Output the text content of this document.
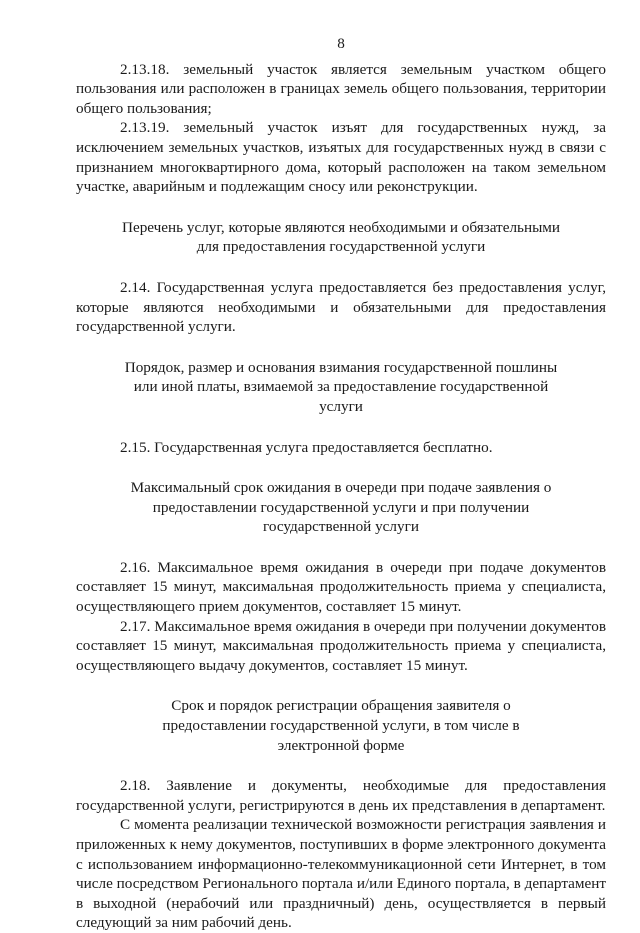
8

2.13.18. земельный участок является земельным участком общего пользования или расположен в границах земель общего пользования, территории общего пользования;

2.13.19. земельный участок изъят для государственных нужд, за исключением земельных участков, изъятых для государственных нужд в связи с признанием многоквартирного дома, который расположен на таком земельном участке, аварийным и подлежащим сносу или реконструкции.

Перечень услуг, которые являются необходимыми и обязательными для предоставления государственной услуги

2.14. Государственная услуга предоставляется без предоставления услуг, которые являются необходимыми и обязательными для предоставления государственной услуги.

Порядок, размер и основания взимания государственной пошлины или иной платы, взимаемой за предоставление государственной услуги

2.15. Государственная услуга предоставляется бесплатно.

Максимальный срок ожидания в очереди при подаче заявления о предоставлении государственной услуги и при получении государственной услуги

2.16. Максимальное время ожидания в очереди при подаче документов составляет 15 минут, максимальная продолжительность приема у специалиста, осуществляющего прием документов, составляет 15 минут.

2.17. Максимальное время ожидания в очереди при получении документов составляет 15 минут, максимальная продолжительность приема у специалиста, осуществляющего выдачу документов, составляет 15 минут.

Срок и порядок регистрации обращения заявителя о предоставлении государственной услуги, в том числе в электронной форме

2.18. Заявление и документы, необходимые для предоставления государственной услуги, регистрируются в день их представления в департамент.

С момента реализации технической возможности регистрация заявления и приложенных к нему документов, поступивших в форме электронного документа с использованием информационно-телекоммуникационной сети Интернет, в том числе посредством Регионального портала и/или Единого портала, в департамент в выходной (нерабочий или праздничный) день, осуществляется в первый следующий за ним рабочий день.
